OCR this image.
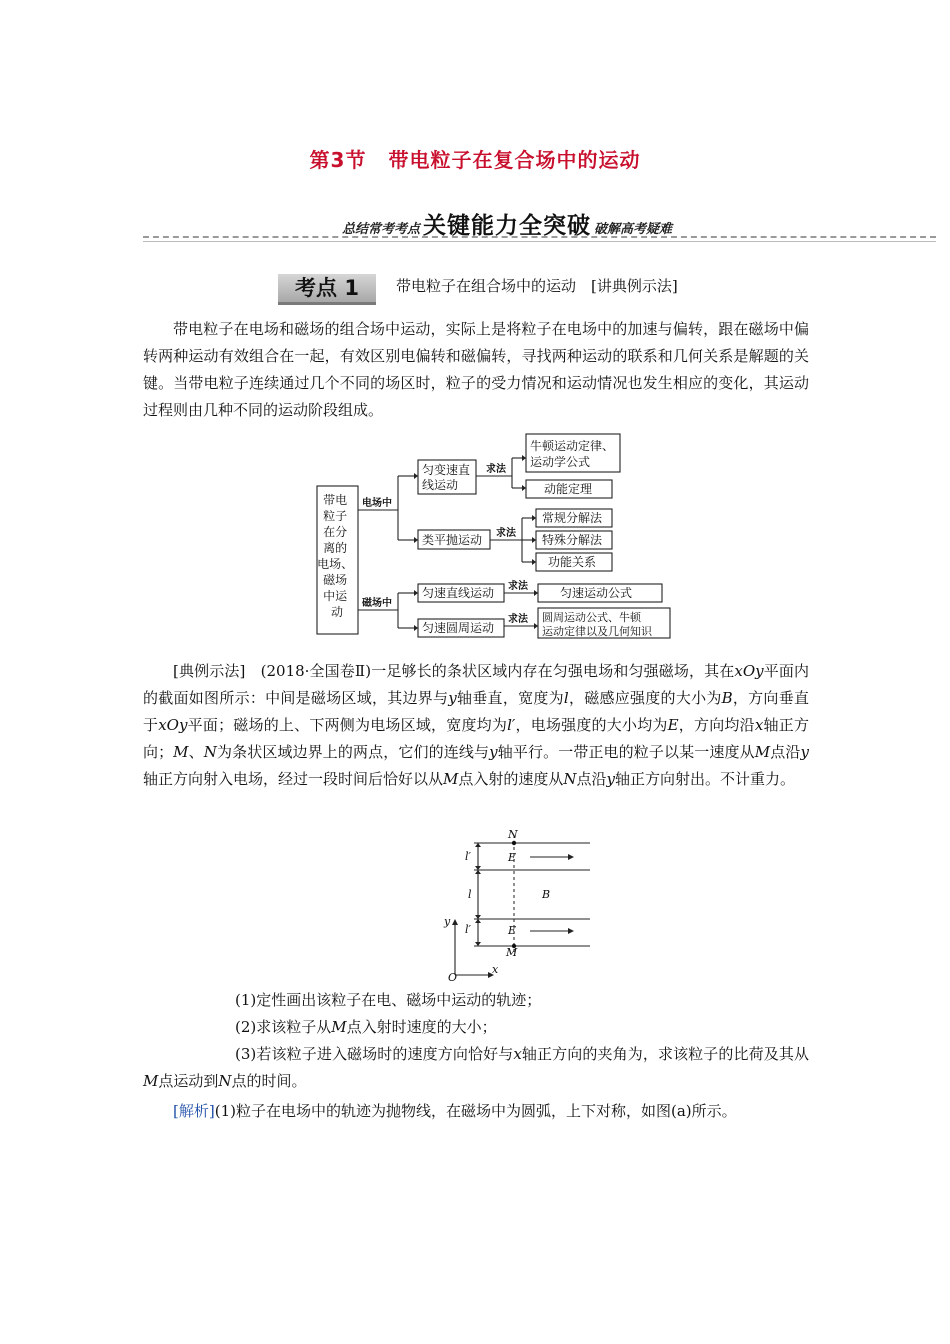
第3节 带电粒子在复合场中的运动
总结常考考点 关键能力全突破 破解高考疑难
考点 1	带电粒子在组合场中的运动　[讲典例示法]

带电粒子在电场和磁场的组合场中运动，实际上是将粒子在电场中的加速与偏转，跟在磁场中偏转两种运动有效组合在一起，有效区别电偏转和磁偏转，寻找两种运动的联系和几何关系是解题的关键。当带电粒子连续通过几个不同的场区时，粒子的受力情况和运动情况也发生相应的变化，其运动过程则由几种不同的运动阶段组成。

带电 粒子 在分 离的 电场、 磁场 中运 动
电场中
匀变速直 线运动
类平抛运动
求法
牛顿运动定律、 运动学公式
动能定理
求法
常规分解法
特殊分解法
功能关系
磁场中
匀速直线运动
匀速圆周运动
求法	匀速运动公式
求法 圆周运动公式、牛顿 运动定律以及几何知识

[典例示法]　 (2018·全国卷Ⅱ)一足够长的条状区域内存在匀强电场和匀强磁场，其在xOy平面内的截面如图所示：中间是磁场区域，其边界与y轴垂直，宽度为l，磁感应强度的大小为B，方向垂直于xOy平面；磁场的上、下两侧为电场区域，宽度均为l′，电场强度的大小均为E，方向均沿x轴正方向；M、N为条状区域边界上的两点，它们的连线与y轴平行。一带正电的粒子以某一速度从M点沿y轴正方向射入电场，经过一段时间后恰好以从M点入射的速度从N点沿y轴正方向射出。不计重力。

N
M
E
E
B
l′
l
l′
y
x
O

(1)定性画出该粒子在电、磁场中运动的轨迹；

(2)求该粒子从M点入射时速度的大小；

(3)若该粒子进入磁场时的速度方向恰好与x轴正方向的夹角为，求该粒子的比荷及其从M点运动到N点的时间。

[解析](1)粒子在电场中的轨迹为抛物线，在磁场中为圆弧，上下对称，如图(a)所示。
